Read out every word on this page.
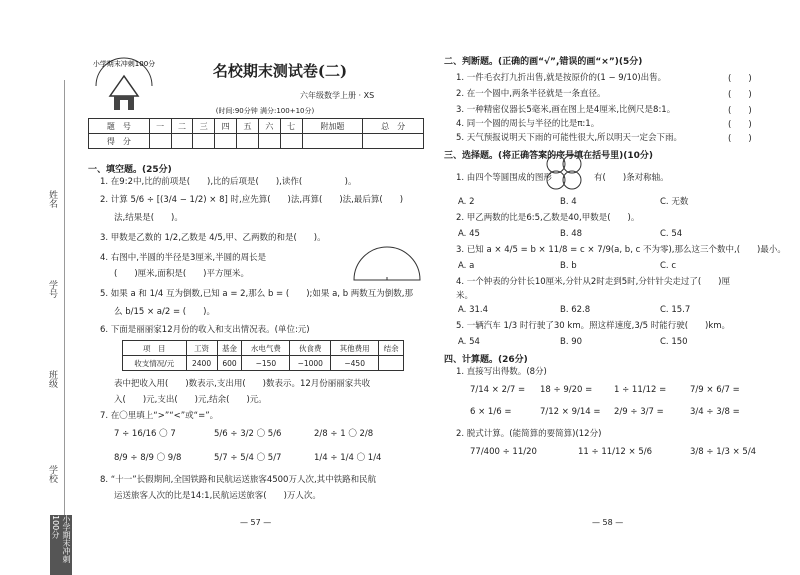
姓名
学号
班级
学校
小学期末冲刺100分
小学期末冲刺100分	名校期末测试卷(二)
六年级数学上册 · XS
(时间:90分钟 满分:100+10分)
题　号	一	二	三	四	五	六	七	附加题	总　分
得　分									
一、填空题。(25分)
1. 在9:2中,比的前项是(　　),比的后项是(　　),读作(　　　　　)。
2. 计算 5/6 ÷ [(3/4 − 1/2) × 8] 时,应先算(　　)法,再算(　　)法,最后算(　　)
法,结果是(　　)。
3. 甲数是乙数的 1/2,乙数是 4/5,甲、乙两数的和是(　　)。
4. 右图中,半圆的半径是3厘米,半圆的周长是
(　　)厘米,面积是(　　)平方厘米。
5. 如果 a 和 1/4 互为倒数,已知 a = 2,那么 b = (　　);如果 a, b 两数互为倒数,那
么 b/15 × a/2 = (　　)。
6. 下面是丽丽家12月份的收入和支出情况表。(单位:元)
项　目	工资	基金	水电气费	伙食费	其他费用	结余
收支情况/元	2400	600	−150	−1000	−450	
表中把收入用(　　)数表示,支出用(　　)数表示。12月份丽丽家共收
入(　　)元,支出(　　)元,结余(　　)元。
7. 在〇里填上“>”“<”或“=”。
7 ÷ 16/16 〇 7	5/6 ÷ 3/2 〇 5/6	2/8 ÷ 1 〇 2/8
8/9 ÷ 8/9 〇 9/8	5/7 ÷ 5/4 〇 5/7	1/4 ÷ 1/4 〇 1/4
8. “十一”长假期间,全国铁路和民航运送旅客4500万人次,其中铁路和民航
运送旅客人次的比是14:1,民航运送旅客(　　)万人次。
— 57 —
二、判断题。(正确的画“√”,错误的画“×”)(5分)
1. 一件毛衣打九折出售,就是按原价的(1 − 9/10)出售。	(　　)
2. 在一个圆中,两条半径就是一条直径。	(　　)
3. 一种精密仪器长5毫米,画在图上是4厘米,比例尺是8:1。	(　　)
4. 同一个圆的周长与半径的比是π:1。	(　　)
5. 天气预报说明天下雨的可能性很大,所以明天一定会下雨。	(　　)
三、选择题。(将正确答案的序号填在括号里)(10分)
1. 由四个等圆围成的图形	有(　　)条对称轴。
A. 2	B. 4	C. 无数
2. 甲乙两数的比是6:5,乙数是40,甲数是(　　)。
A. 45	B. 48	C. 54
3. 已知 a × 4/5 = b × 11/8 = c × 7/9(a, b, c 不为零),那么这三个数中,(　　)最小。
A. a	B. b	C. c
4. 一个钟表的分针长10厘米,分针从2时走到5时,分针针尖走过了(　　)厘
米。
A. 31.4	B. 62.8	C. 15.7
5. 一辆汽车 1/3 时行驶了30 km。照这样速度,3/5 时能行驶(　　)km。
A. 54	B. 90	C. 150
四、计算题。(26分)
1. 直接写出得数。(8分)
7/14 × 2/7 = 18 ÷ 9/20 =	1 ÷ 11/12 =	7/9 × 6/7 =
6 × 1/6 =	7/12 × 9/14 = 2/9 ÷ 3/7 =	3/4 ÷ 3/8 =
2. 脱式计算。(能简算的要简算)(12分)
77/400 ÷ 11/20	11 ÷ 11/12 × 5/6	3/8 ÷ 1/3 × 5/4
— 58 —
